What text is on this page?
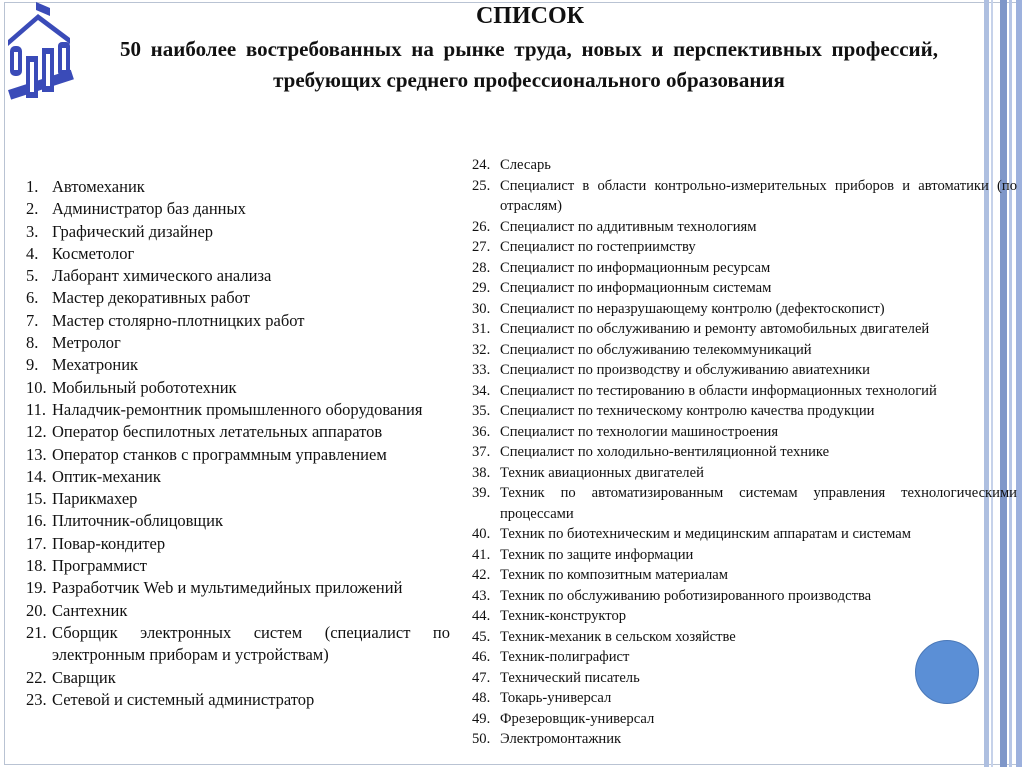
СПИСОК
50 наиболее востребованных на рынке труда, новых и перспективных профессий, требующих среднего профессионального образования
1. Автомеханик
2. Администратор баз данных
3. Графический дизайнер
4. Косметолог
5. Лаборант химического анализа
6. Мастер декоративных работ
7. Мастер столярно-плотницких работ
8. Метролог
9. Мехатроник
10. Мобильный робототехник
11. Наладчик-ремонтник промышленного оборудования
12. Оператор беспилотных летательных аппаратов
13. Оператор станков с программным управлением
14. Оптик-механик
15. Парикмахер
16. Плиточник-облицовщик
17. Повар-кондитер
18. Программист
19. Разработчик Web и мультимедийных приложений
20. Сантехник
21. Сборщик электронных систем (специалист по электронным приборам и устройствам)
22. Сварщик
23. Сетевой и системный администратор
24. Слесарь
25. Специалист в области контрольно-измерительных приборов и автоматики (по отраслям)
26. Специалист по аддитивным технологиям
27. Специалист по гостеприимству
28. Специалист по информационным ресурсам
29. Специалист по информационным системам
30. Специалист по неразрушающему контролю (дефектоскопист)
31. Специалист по обслуживанию и ремонту автомобильных двигателей
32. Специалист по обслуживанию телекоммуникаций
33. Специалист по производству и обслуживанию авиатехники
34. Специалист по тестированию в области информационных технологий
35. Специалист по техническому контролю качества продукции
36. Специалист по технологии машиностроения
37. Специалист по холодильно-вентиляционной технике
38. Техник авиационных двигателей
39. Техник по автоматизированным системам управления технологическими процессами
40. Техник по биотехническим и медицинским аппаратам и системам
41. Техник по защите информации
42. Техник по композитным материалам
43. Техник по обслуживанию роботизированного производства
44. Техник-конструктор
45. Техник-механик в сельском хозяйстве
46. Техник-полиграфист
47. Технический писатель
48. Токарь-универсал
49. Фрезеровщик-универсал
50. Электромонтажник
